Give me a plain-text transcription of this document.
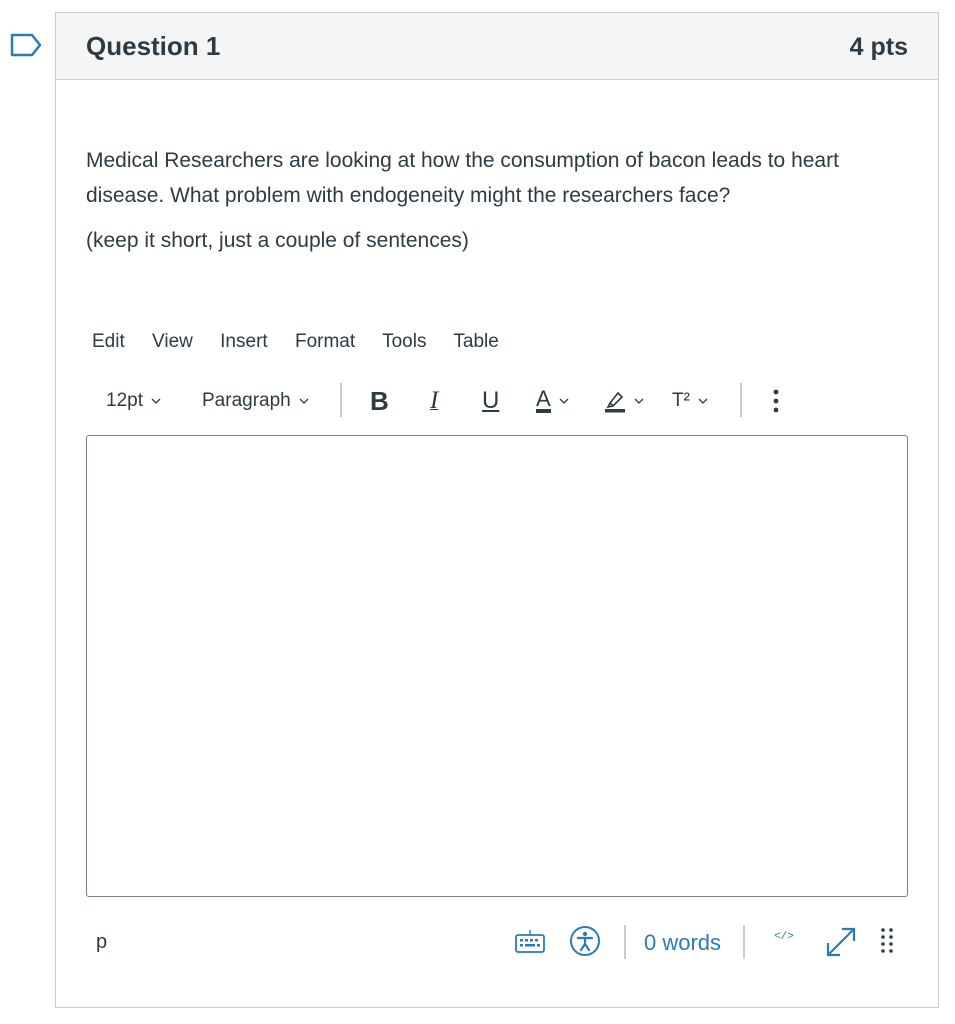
Question 1	4 pts
Medical Researchers are looking at how the consumption of bacon leads to heart disease. What problem with endogeneity might the researchers face?
(keep it short, just a couple of sentences)
Edit View Insert Format Tools Table
12pt	Paragraph	B I U A	T²
p	0 words	</>
